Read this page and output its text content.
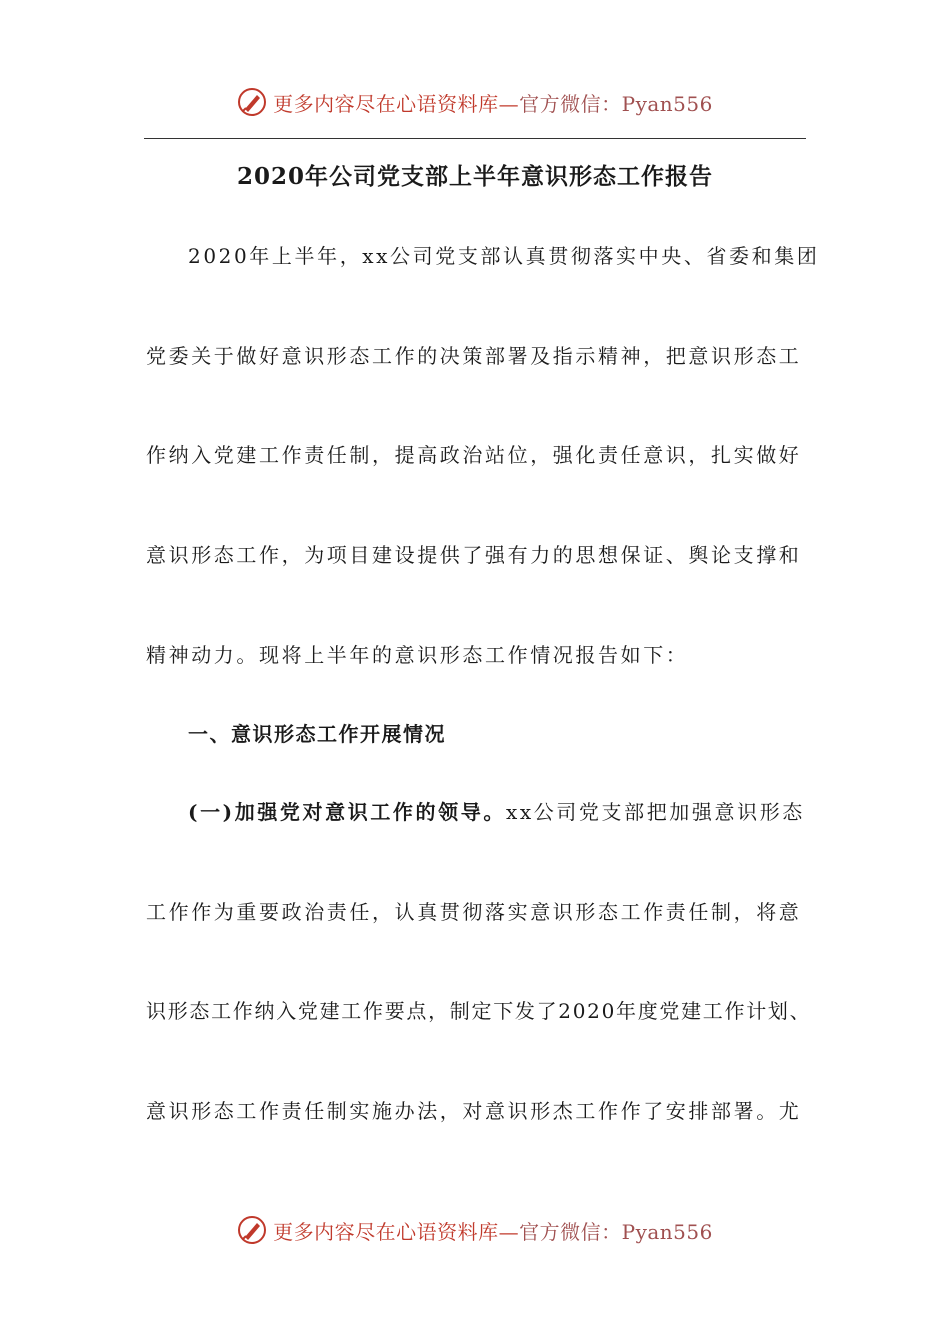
更多内容尽在心语资料库—官方微信：Pyan556
2020年公司党支部上半年意识形态工作报告
2020年上半年，xx公司党支部认真贯彻落实中央、省委和集团
党委关于做好意识形态工作的决策部署及指示精神，把意识形态工
作纳入党建工作责任制，提高政治站位，强化责任意识，扎实做好
意识形态工作，为项目建设提供了强有力的思想保证、舆论支撑和
精神动力。现将上半年的意识形态工作情况报告如下：
一、意识形态工作开展情况
(一)加强党对意识工作的领导。xx公司党支部把加强意识形态
工作作为重要政治责任，认真贯彻落实意识形态工作责任制，将意
识形态工作纳入党建工作要点，制定下发了2020年度党建工作计划、
意识形态工作责任制实施办法，对意识形杰工作作了安排部署。尤
更多内容尽在心语资料库—官方微信：Pyan556
